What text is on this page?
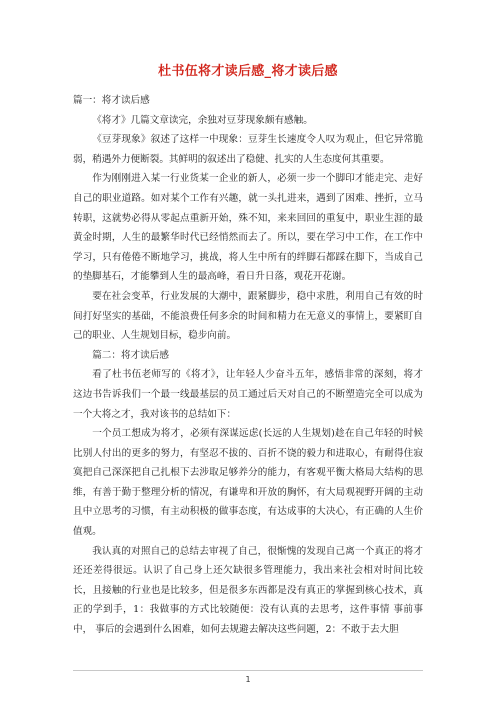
杜书伍将才读后感_将才读后感

篇一：将才读后感

《将才》几篇文章读完，余独对豆芽现象颇有感触。

《豆芽现象》叙述了这样一中现象：豆芽生长速度令人叹为观止，但它异常脆弱，稍遇外力便断裂。其鲜明的叙述出了稳健、扎实的人生态度何其重要。

作为刚刚进入某一行业货某一企业的新人，必须一步一个脚印才能走完、走好自己的职业道路。如对某个工作有兴趣，就一头扎进来，遇到了困难、挫折，立马转职，这就势必得从零起点重新开始，殊不知，来来回回的重复中，职业生涯的最黄金时期，人生的最繁华时代已经悄然而去了。所以，要在学习中工作，在工作中学习，只有倦倦不断地学习，挑战，将人生中所有的绊脚石都踩在脚下，当成自己的垫脚基石，才能攀到人生的最高峰，看日升日落，观花开花谢。

要在社会变革，行业发展的大潮中，跟紧脚步，稳中求胜，利用自己有效的时间打好坚实的基础，不能浪费任何多余的时间和精力在无意义的事情上，要紧盯自己的职业、人生规划目标，稳步向前。

篇二：将才读后感

看了杜书伍老师写的《将才》，让年轻人少奋斗五年，感悟非常的深刻，将才这边书告诉我们一个最一线最基层的员工通过后天对自己的不断塑造完全可以成为一个大将之才，我对该书的总结如下：

一个员工想成为将才，必须有深谋远虑(长远的人生规划)趁在自己年轻的时候比别人付出的更多的努力，有坚忍不拔的、百折不饶的毅力和进取心，有耐得住寂寞把自己深深把自己扎根下去涉取足够养分的能力，有客观平衡大格局大结构的思维，有善于勤于整理分析的情况，有谦卑和开放的胸怀，有大局观视野开阔的主动且中立思考的习惯，有主动积极的做事态度，有达成事的大决心，有正确的人生价值观。

我认真的对照自己的总结去审视了自己，很惭愧的发现自己离一个真正的将才还还差得很远。认识了自己身上还欠缺很多管理能力，我出来社会相对时间比较长，且接触的行业也是比较多，但是很多东西都是没有真正的掌握到核心技术，真正的学到手，1：我做事的方式比较随便：没有认真的去思考，这件事情 事前事中， 事后的会遇到什么困难，如何去规避去解决这些问题，2：不敢于去大胆

1
